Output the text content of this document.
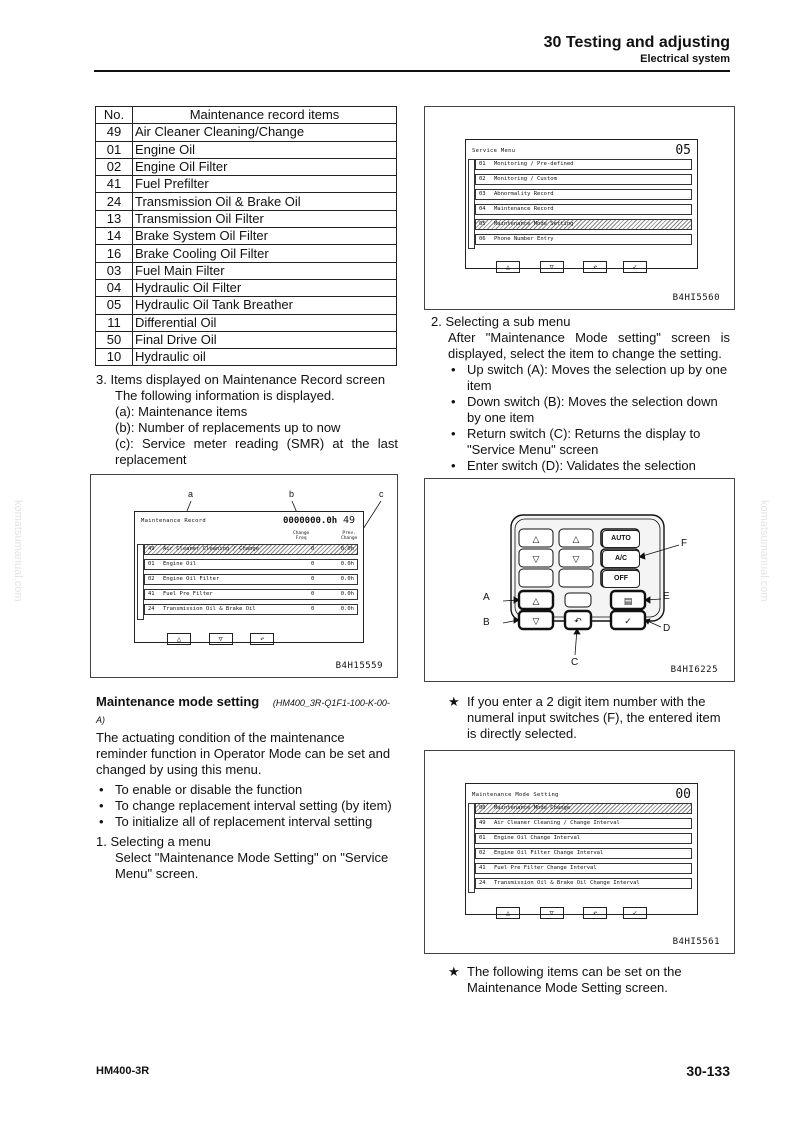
30 Testing and adjusting
Electrical system
komatsumanual.com	komatsumanual.com
No.	Maintenance record items
49	Air Cleaner Cleaning/Change
01	Engine Oil
02	Engine Oil Filter
41	Fuel Prefilter
24	Transmission Oil & Brake Oil
13	Transmission Oil Filter
14	Brake System Oil Filter
16	Brake Cooling Oil Filter
03	Fuel Main Filter
04	Hydraulic Oil Filter
05	Hydraulic Oil Tank Breather
11	Differential Oil
50	Final Drive Oil
10	Hydraulic oil
3. Items displayed on Maintenance Record screen
The following information is displayed.
(a): Maintenance items
(b): Number of replacements up to now
(c): Service meter reading (SMR) at the last
replacement
a	b	c
Maintenance Record	0000000.0h 49
Change
Freq
Prev.
Change
49 Air Cleaner Cleaning / Change	0	0.0h
01 Engine Oil	0	0.0h
02 Engine Oil Filter	0	0.0h
41 Fuel Pre Filter	0	0.0h
24 Transmission Oil & Brake Oil	0	0.0h
△	▽	↶
B4H15559
Maintenance mode setting (HM400_3R-Q1F1-100-K-00-A)
The actuating condition of the maintenance
reminder function in Operator Mode can be set and
changed by using this menu.
• To enable or disable the function
• To change replacement interval setting (by item)
• To initialize all of replacement interval setting
1. Selecting a menu
Select "Maintenance Mode Setting" on "Service
Menu" screen.
Service Menu	05
01 Monitoring / Pre-defined
02 Monitoring / Custom
03 Abnormality Record
04 Maintenance Record
05 Maintenance Mode Setting
06 Phone Number Entry
△	▽	↶	✓
B4HI5560
2. Selecting a sub menu
After "Maintenance Mode setting" screen is
displayed, select the item to change the setting.
• Up switch (A): Moves the selection up by one
item
• Down switch (B): Moves the selection down
by one item
• Return switch (C): Returns the display to
"Service Menu" screen
• Enter switch (D): Validates the selection
△
▽
△
▽
△
▽
↶	✓
▤
AUTO
A/C
OFF
A
B
C
D
E
F
B4HI6225
★ If you enter a 2 digit item number with the
numeral input switches (F), the entered item
is directly selected.
Maintenance Mode Setting	00
00 Maintenance Mode Change
49 Air Cleaner Cleaning / Change Interval
01 Engine Oil Change Interval
02 Engine Oil Filter Change Interval
41 Fuel Pre Filter Change Interval
24 Transmission Oil & Brake Oil Change Interval
△	▽	↶	✓
B4HI5561
★ The following items can be set on the
Maintenance Mode Setting screen.
HM400-3R	30-133
